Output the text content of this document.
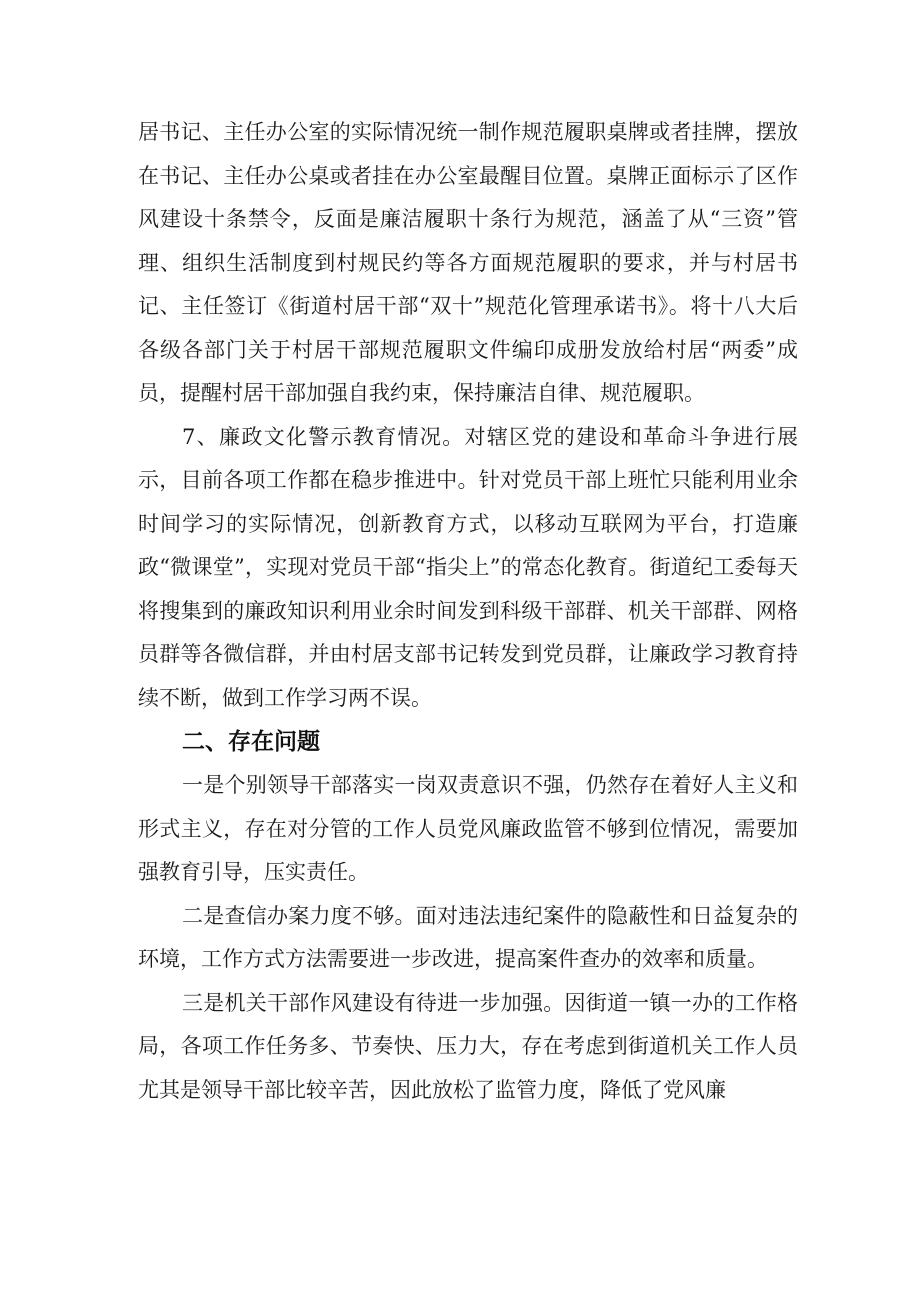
居书记、主任办公室的实际情况统一制作规范履职桌牌或者挂牌，摆放在书记、主任办公桌或者挂在办公室最醒目位置。桌牌正面标示了区作风建设十条禁令，反面是廉洁履职十条行为规范，涵盖了从“三资”管理、组织生活制度到村规民约等各方面规范履职的要求，并与村居书记、主任签订《街道村居干部“双十”规范化管理承诺书》。将十八大后各级各部门关于村居干部规范履职文件编印成册发放给村居“两委”成员，提醒村居干部加强自我约束，保持廉洁自律、规范履职。

7、廉政文化警示教育情况。对辖区党的建设和革命斗争进行展示，目前各项工作都在稳步推进中。针对党员干部上班忙只能利用业余时间学习的实际情况，创新教育方式，以移动互联网为平台，打造廉政“微课堂”，实现对党员干部“指尖上”的常态化教育。街道纪工委每天将搜集到的廉政知识利用业余时间发到科级干部群、机关干部群、网格员群等各微信群，并由村居支部书记转发到党员群，让廉政学习教育持续不断，做到工作学习两不误。

二、存在问题

一是个别领导干部落实一岗双责意识不强，仍然存在着好人主义和形式主义，存在对分管的工作人员党风廉政监管不够到位情况，需要加强教育引导，压实责任。

二是查信办案力度不够。面对违法违纪案件的隐蔽性和日益复杂的环境，工作方式方法需要进一步改进，提高案件查办的效率和质量。

三是机关干部作风建设有待进一步加强。因街道一镇一办的工作格局，各项工作任务多、节奏快、压力大，存在考虑到街道机关工作人员尤其是领导干部比较辛苦，因此放松了监管力度，降低了党风廉
